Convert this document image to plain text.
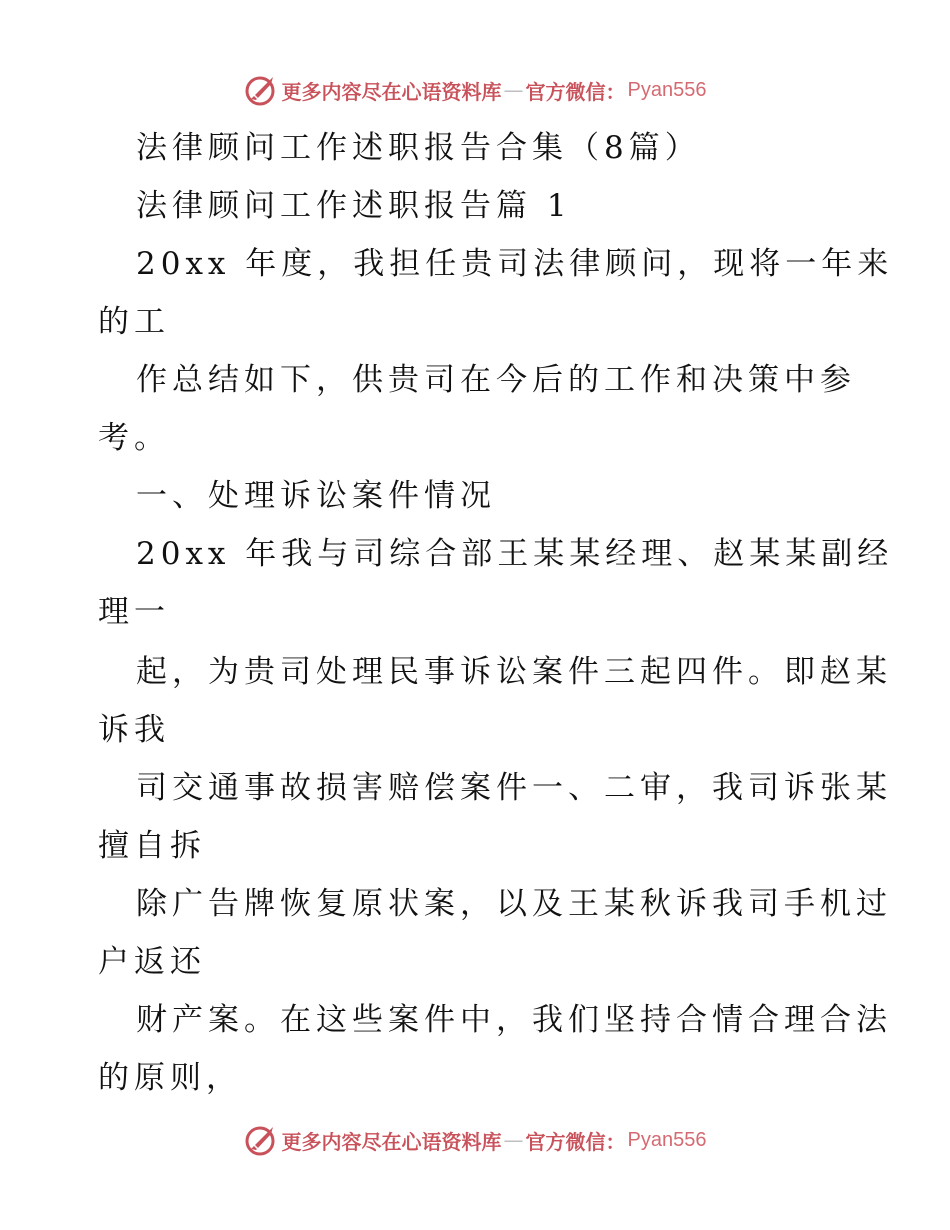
更多内容尽在心语资料库 — 官方微信： Pyan556
法律顾问工作述职报告合集（8篇）
法律顾问工作述职报告篇 1
20xx 年度，我担任贵司法律顾问，现将一年来
的工
作总结如下，供贵司在今后的工作和决策中参
考。
一、处理诉讼案件情况
20xx 年我与司综合部王某某经理、赵某某副经
理一
起，为贵司处理民事诉讼案件三起四件。即赵某
诉我
司交通事故损害赔偿案件一、二审，我司诉张某
擅自拆
除广告牌恢复原状案，以及王某秋诉我司手机过
户返还
财产案。在这些案件中，我们坚持合情合理合法
的原则，
更多内容尽在心语资料库 — 官方微信： Pyan556
